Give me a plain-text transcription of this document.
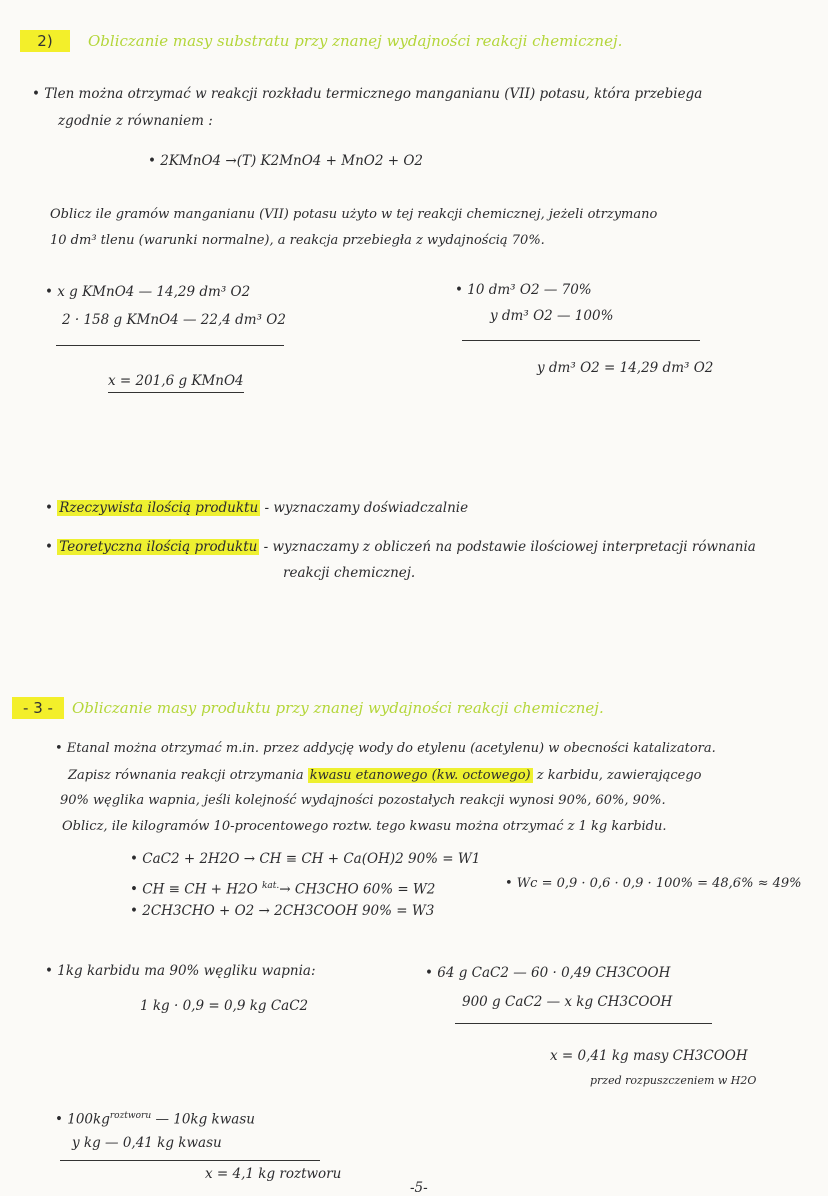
2)	Obliczanie masy substratu przy znanej wydajności reakcji chemicznej.
• Tlen można otrzymać w reakcji rozkładu termicznego manganianu (VII) potasu, która przebiega
zgodnie z równaniem :
• 2KMnO4 →(T) K2MnO4 + MnO2 + O2
Oblicz ile gramów manganianu (VII) potasu użyto w tej reakcji chemicznej, jeżeli otrzymano
10 dm³ tlenu (warunki normalne), a reakcja przebiegła z wydajnością 70%.
• x g KMnO4 — 14,29 dm³ O2
2 · 158 g KMnO4 — 22,4 dm³ O2
x = 201,6 g KMnO4
• 10 dm³ O2 — 70%
y dm³ O2 — 100%
y dm³ O2 = 14,29 dm³ O2
• Rzeczywista ilością produktu - wyznaczamy doświadczalnie
• Teoretyczna ilością produktu - wyznaczamy z obliczeń na podstawie ilościowej interpretacji równania
reakcji chemicznej.
- 3 -	Obliczanie masy produktu przy znanej wydajności reakcji chemicznej.
• Etanal można otrzymać m.in. przez addycję wody do etylenu (acetylenu) w obecności katalizatora.
Zapisz równania reakcji otrzymania kwasu etanowego (kw. octowego) z karbidu, zawierającego
90% węglika wapnia, jeśli kolejność wydajności pozostałych reakcji wynosi 90%, 60%, 90%.
Oblicz, ile kilogramów 10-procentowego roztw. tego kwasu można otrzymać z 1 kg karbidu.
• CaC2 + 2H2O → CH ≡ CH + Ca(OH)2 90% = W1
• CH ≡ CH + H2O $^{kat.}$→ CH3CHO 60% = W2
• 2CH3CHO + O2 → 2CH3COOH 90% = W3
• Wc = 0,9 · 0,6 · 0,9 · 100% = 48,6% ≈ 49%
• 1kg karbidu ma 90% węgliku wapnia:
1 kg · 0,9 = 0,9 kg CaC2
• 64 g CaC2 — 60 · 0,49 CH3COOH
900 g CaC2 — x kg CH3COOH
x = 0,41 kg masy CH3COOH
przed rozpuszczeniem w H2O
• $100kg^{roztworu}$ — 10kg kwasu
y kg — 0,41 kg kwasu
x = 4,1 kg roztworu
-5-
